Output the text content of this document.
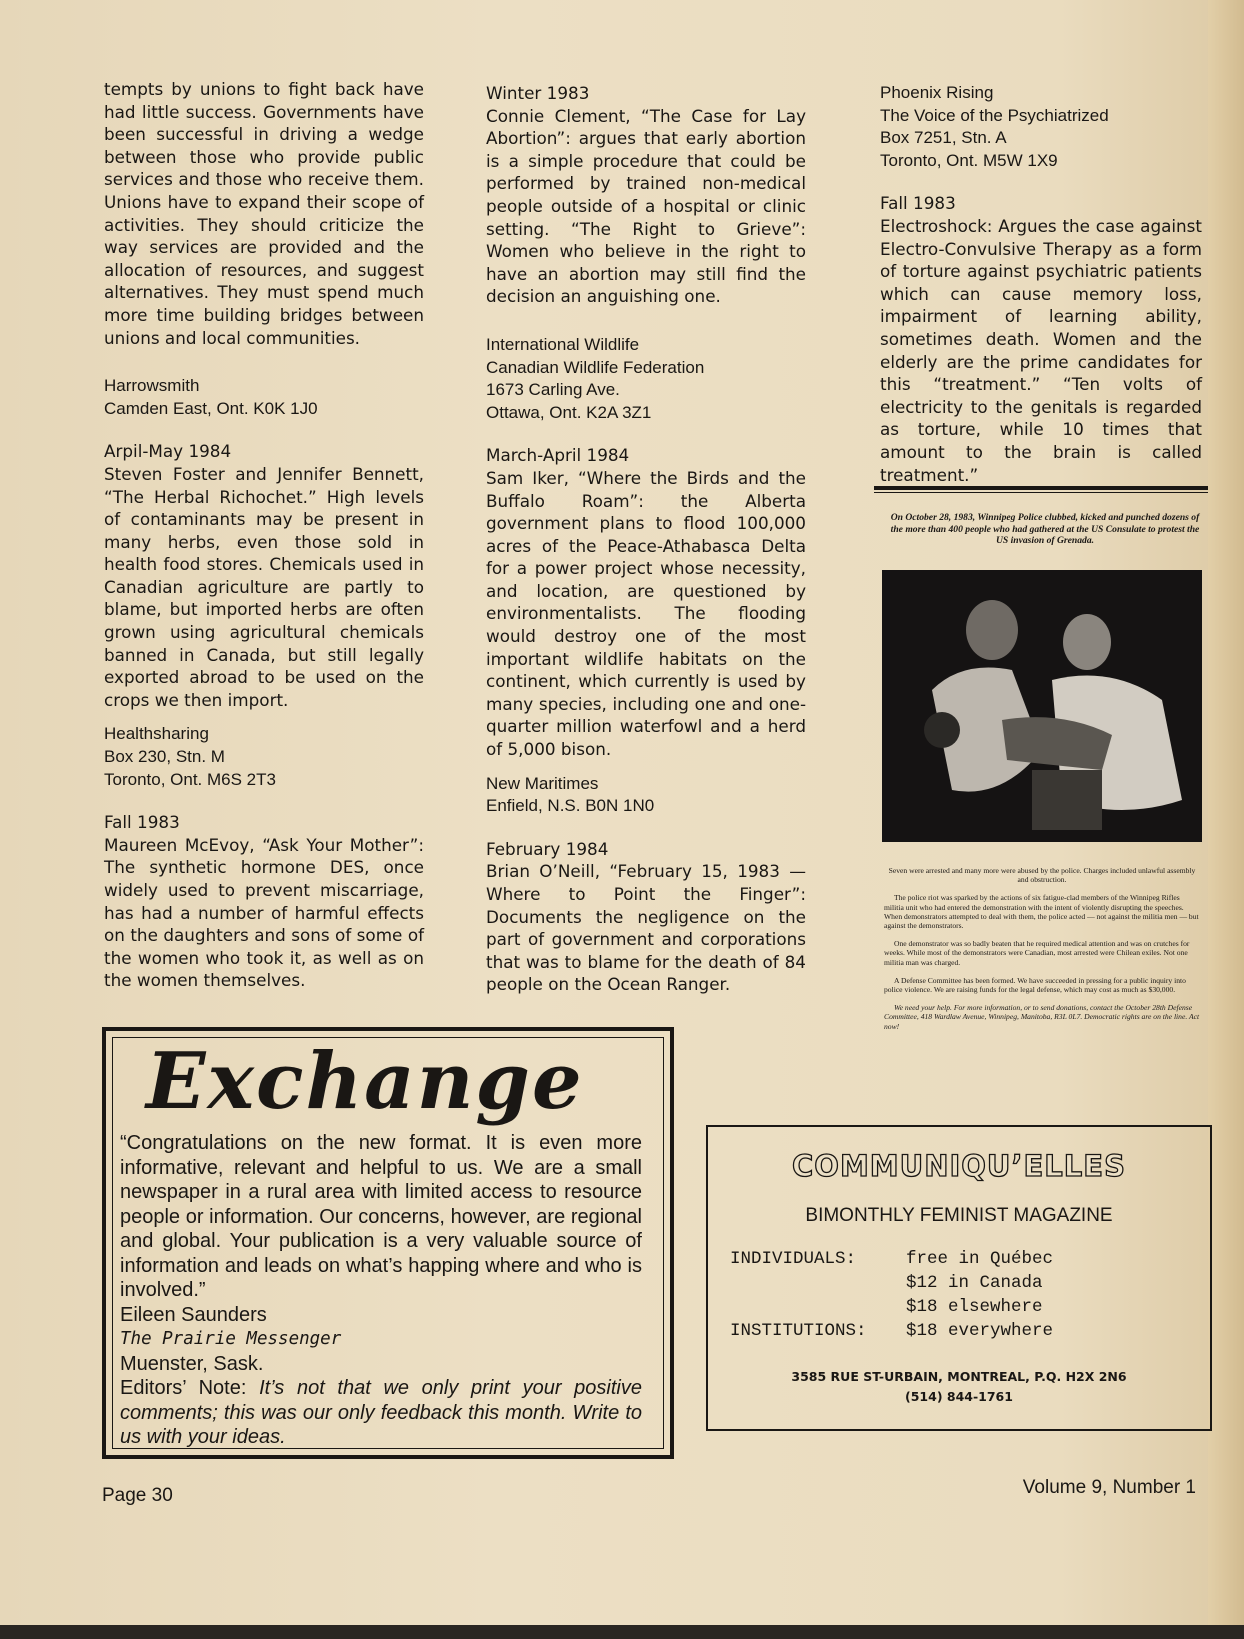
tempts by unions to fight back have had little success. Governments have been successful in driving a wedge between those who provide public services and those who receive them. Unions have to expand their scope of activities. They should criticize the way services are provided and the allocation of resources, and suggest alternatives. They must spend much more time building bridges between unions and local communities.

Harrowsmith
Camden East, Ont. K0K 1J0
Arpil-May 1984

Steven Foster and Jennifer Bennett, “The Herbal Richochet.” High levels of contaminants may be present in many herbs, even those sold in health food stores. Chemicals used in Canadian agriculture are partly to blame, but imported herbs are often grown using agricultural chemicals banned in Canada, but still legally exported abroad to be used on the crops we then import.

Healthsharing
Box 230, Stn. M
Toronto, Ont. M6S 2T3
Fall 1983

Maureen McEvoy, “Ask Your Mother”: The synthetic hormone DES, once widely used to prevent miscarriage, has had a number of harmful effects on the daughters and sons of some of the women who took it, as well as on the women themselves.

Winter 1983

Connie Clement, “The Case for Lay Abortion”: argues that early abortion is a simple procedure that could be performed by trained non-medical people outside of a hospital or clinic setting. “The Right to Grieve”: Women who believe in the right to have an abortion may still find the decision an anguishing one.

International Wildlife
Canadian Wildlife Federation
1673 Carling Ave.
Ottawa, Ont. K2A 3Z1
March-April 1984

Sam Iker, “Where the Birds and the Buffalo Roam”: the Alberta government plans to flood 100,000 acres of the Peace-Athabasca Delta for a power project whose necessity, and location, are questioned by environmentalists. The flooding would destroy one of the most important wildlife habitats on the continent, which currently is used by many species, including one and one-quarter million waterfowl and a herd of 5,000 bison.

New Maritimes
Enfield, N.S. B0N 1N0
February 1984

Brian O’Neill, “February 15, 1983 — Where to Point the Finger”: Documents the negligence on the part of government and corporations that was to blame for the death of 84 people on the Ocean Ranger.

Phoenix Rising
The Voice of the Psychiatrized
Box 7251, Stn. A
Toronto, Ont. M5W 1X9
Fall 1983

Electroshock: Argues the case against Electro-Convulsive Therapy as a form of torture against psychiatric patients which can cause memory loss, impairment of learning ability, sometimes death. Women and the elderly are the prime candidates for this “treatment.” “Ten volts of electricity to the genitals is regarded as torture, while 10 times that amount to the brain is called treatment.”

On October 28, 1983, Winnipeg Police clubbed, kicked and punched dozens of the more than 400 people who had gathered at the US Consulate to protest the US invasion of Grenada.

Seven were arrested and many more were abused by the police. Charges included unlawful assembly and obstruction.

The police riot was sparked by the actions of six fatigue-clad members of the Winnipeg Rifles militia unit who had entered the demonstration with the intent of violently disrupting the speeches. When demonstrators attempted to deal with them, the police acted — not against the militia men — but against the demonstrators.

One demonstrator was so badly beaten that he required medical attention and was on crutches for weeks. While most of the demonstrators were Canadian, most arrested were Chilean exiles. Not one militia man was charged.

A Defense Committee has been formed. We have succeeded in pressing for a public inquiry into police violence. We are raising funds for the legal defense, which may cost as much as $30,000.

We need your help. For more information, or to send donations, contact the October 28th Defense Committee, 418 Wardlaw Avenue, Winnipeg, Manitoba, R3L 0L7. Democratic rights are on the line. Act now!

Exchange
“Congratulations on the new format. It is even more informative, relevant and helpful to us. We are a small newspaper in a rural area with limited access to resource people or information. Our concerns, however, are regional and global. Your publication is a very valuable source of information and leads on what’s happing where and who is involved.”
Eileen Saunders
The Prairie Messenger
Muenster, Sask.
Editors’ Note: It’s not that we only print your positive comments; this was our only feedback this month. Write to us with your ideas.
COMMUNIQU’ELLES
BIMONTHLY FEMINIST MAGAZINE
INDIVIDUALS:	free in Québec
$12 in Canada
$18 elsewhere
INSTITUTIONS: $18 everywhere
3585 RUE ST-URBAIN, MONTREAL, P.Q. H2X 2N6
(514) 844-1761
Page 30	Volume 9, Number 1
